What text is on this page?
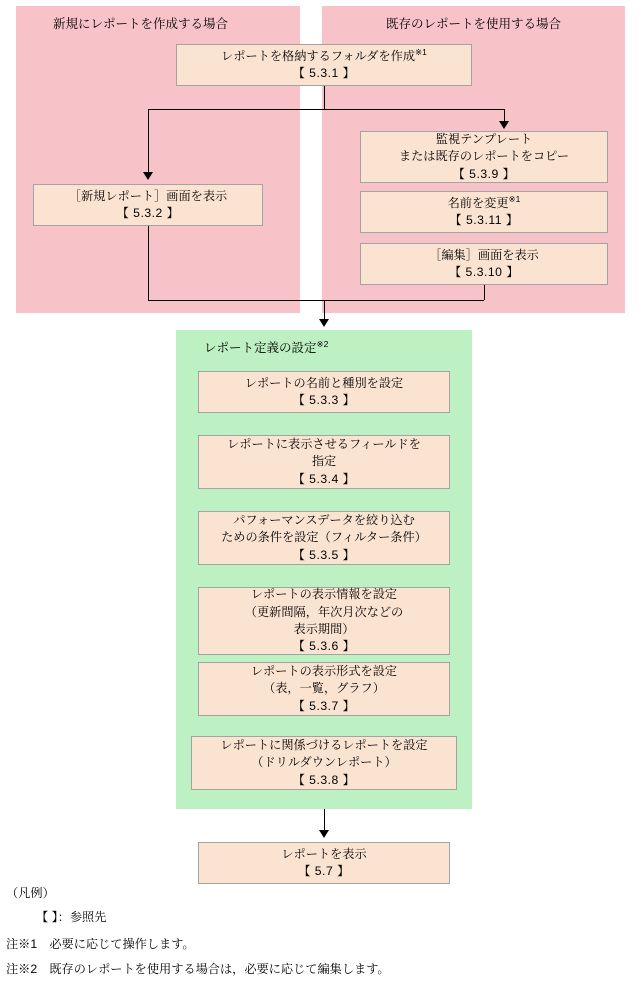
新規にレポートを作成する場合	既存のレポートを使用する場合
レポート定義の設定$^{※2}$
レポートを格納するフォルダを作成$^{※1}$
【 5.3.1 】
［新規レポート］画面を表示
【 5.3.2 】
監視テンプレート
または既存のレポートをコピー
【 5.3.9 】
名前を変更$^{※1}$
【 5.3.11 】
［編集］画面を表示
【 5.3.10 】
レポートの名前と種別を設定
【 5.3.3 】
レポートに表示させるフィールドを
指定
【 5.3.4 】
パフォーマンスデータを絞り込む
ための条件を設定（フィルター条件）
【 5.3.5 】
レポートの表示情報を設定
（更新間隔，年次月次などの
表示期間）
【 5.3.6 】
レポートの表示形式を設定
（表，一覧，グラフ）
【 5.3.7 】
レポートに関係づけるレポートを設定
（ドリルダウンレポート）
【 5.3.8 】
レポートを表示
【 5.7 】
（凡例）
【 】：参照先
注※1　必要に応じて操作します。
注※2　既存のレポートを使用する場合は，必要に応じて編集します。
